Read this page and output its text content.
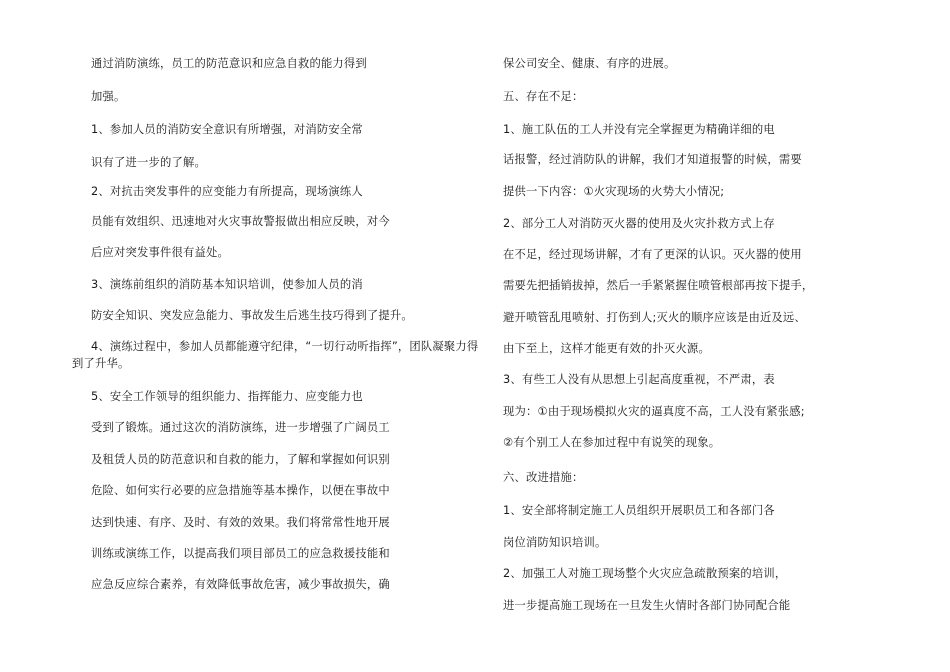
通过消防演练，员工的防范意识和应急自救的能力得到
加强。
1、参加人员的消防安全意识有所增强，对消防安全常
识有了进一步的了解。
2、对抗击突发事件的应变能力有所提高，现场演练人
员能有效组织、迅速地对火灾事故警报做出相应反映，对今
后应对突发事件很有益处。
3、演练前组织的消防基本知识培训，使参加人员的消
防安全知识、突发应急能力、事故发生后逃生技巧得到了提升。
4、演练过程中，参加人员都能遵守纪律，“一切行动听指挥”，团队凝聚力得
到了升华。
5、安全工作领导的组织能力、指挥能力、应变能力也
受到了锻炼。通过这次的消防演练，进一步增强了广阔员工
及租赁人员的防范意识和自救的能力，了解和掌握如何识别
危险、如何实行必要的应急措施等基本操作，以便在事故中
达到快速、有序、及时、有效的效果。我们将常常性地开展
训练或演练工作，以提高我们项目部员工的应急救援技能和
应急反应综合素养，有效降低事故危害，减少事故损失，确
保公司安全、健康、有序的进展。
五、存在不足：
1、施工队伍的工人并没有完全掌握更为精确详细的电
话报警，经过消防队的讲解，我们才知道报警的时候，需要
提供一下内容：①火灾现场的火势大小情况;
2、部分工人对消防灭火器的使用及火灾扑救方式上存
在不足，经过现场讲解，才有了更深的认识。灭火器的使用
需要先把插销拔掉，然后一手紧紧握住喷管根部再按下提手，
避开喷管乱甩喷射、打伤到人;灭火的顺序应该是由近及远、
由下至上，这样才能更有效的扑灭火源。
3、有些工人没有从思想上引起高度重视，不严肃，表
现为：①由于现场模拟火灾的逼真度不高，工人没有紧张感;
②有个别工人在参加过程中有说笑的现象。
六、改进措施：
1、安全部将制定施工人员组织开展职员工和各部门各
岗位消防知识培训。
2、加强工人对施工现场整个火灾应急疏散预案的培训，
进一步提高施工现场在一旦发生火情时各部门协同配合能
